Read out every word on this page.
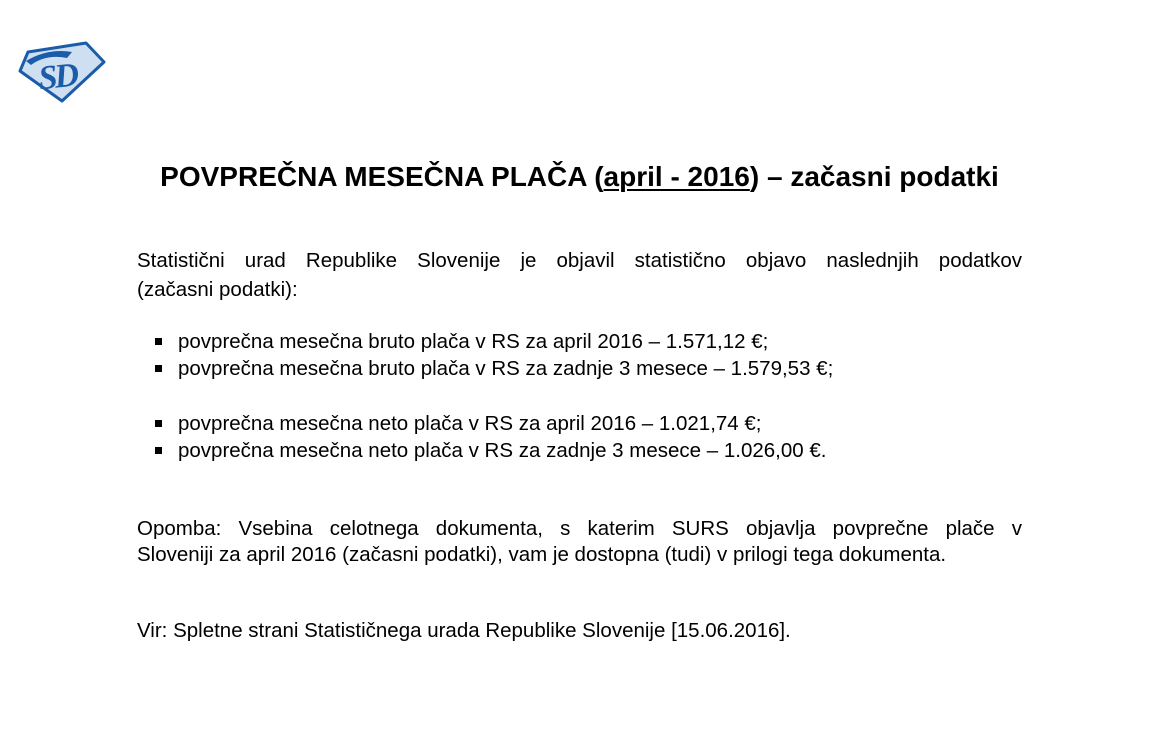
SD
POVPREČNA MESEČNA PLAČA (april - 2016) – začasni podatki

Statistični urad Republike Slovenije je objavil statistično objavo naslednjih podatkov
(začasni podatki):

povprečna mesečna bruto plača v RS za april 2016 – 1.571,12 €;
povprečna mesečna bruto plača v RS za zadnje 3 mesece – 1.579,53 €;
povprečna mesečna neto plača v RS za april 2016 – 1.021,74 €;
povprečna mesečna neto plača v RS za zadnje 3 mesece – 1.026,00 €.

Opomba: Vsebina celotnega dokumenta, s katerim SURS objavlja povprečne plače v
Sloveniji za april 2016 (začasni podatki), vam je dostopna (tudi) v prilogi tega dokumenta.

Vir: Spletne strani Statističnega urada Republike Slovenije [15.06.2016].
